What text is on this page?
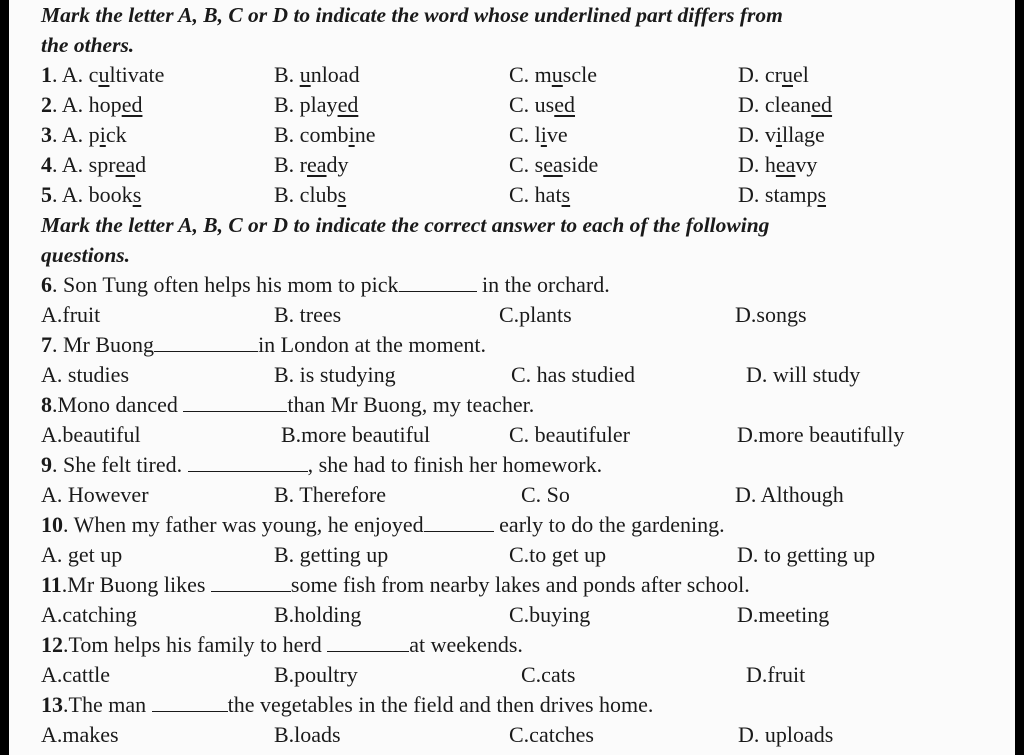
Mark the letter A, B, C or D to indicate the word whose underlined part differs from
the others.
1. A. cultivate	B. unload	C. muscle	D. cruel
2. A. hoped	B. played	C. used	D. cleaned
3. A. pick	B. combine	C. live	D. village
4. A. spread	B. ready	C. seaside	D. heavy
5. A. books	B. clubs	C. hats	D. stamps
Mark the letter A, B, C or D to indicate the correct answer to each of the following
questions.
6. Son Tung often helps his mom to pick	in the orchard.
A.fruit	B. trees	C.plants	D.songs
7. Mr Buong	in London at the moment.
A. studies	B. is studying	C. has studied	D. will study
8.Mono danced	than Mr Buong, my teacher.
A.beautiful	B.more beautiful	C. beautifuler	D.more beautifully
9. She felt tired.	, she had to finish her homework.
A. However	B. Therefore	C. So	D. Although
10. When my father was young, he enjoyed	early to do the gardening.
A. get up	B. getting up	C.to get up	D. to getting up
11.Mr Buong likes	some fish from nearby lakes and ponds after school.
A.catching	B.holding	C.buying	D.meeting
12.Tom helps his family to herd	at weekends.
A.cattle	B.poultry	C.cats	D.fruit
13.The man	the vegetables in the field and then drives home.
A.makes	B.loads	C.catches	D. uploads
